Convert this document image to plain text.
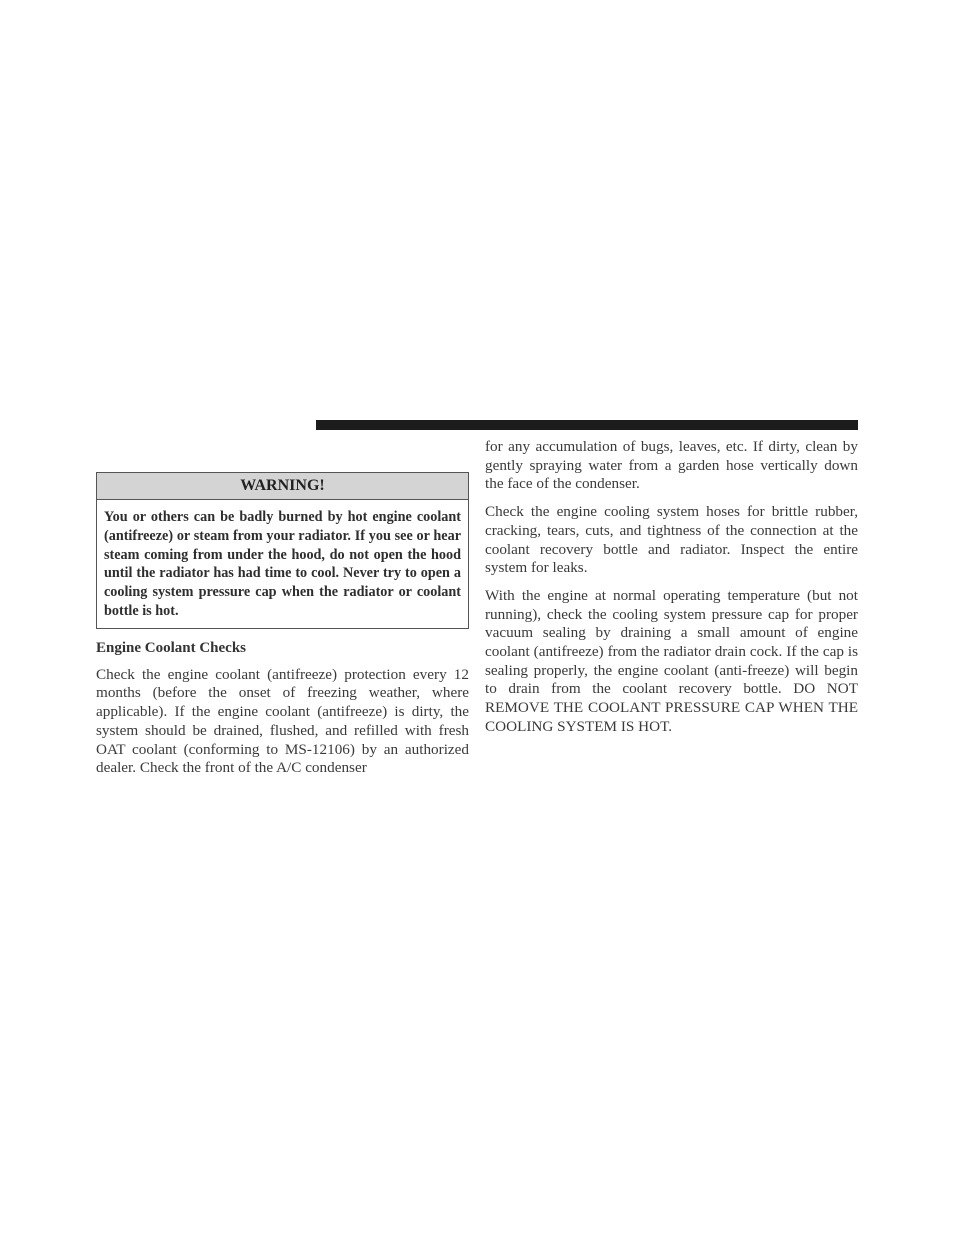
WARNING!
You or others can be badly burned by hot engine coolant (antifreeze) or steam from your radiator. If you see or hear steam coming from under the hood, do not open the hood until the radiator has had time to cool. Never try to open a cooling system pressure cap when the radiator or coolant bottle is hot.
Engine Coolant Checks

Check the engine coolant (antifreeze) protection every 12 months (before the onset of freezing weather, where applicable). If the engine coolant (antifreeze) is dirty, the system should be drained, flushed, and refilled with fresh OAT coolant (conforming to MS-12106) by an authorized dealer. Check the front of the A/C condenser

for any accumulation of bugs, leaves, etc. If dirty, clean by gently spraying water from a garden hose vertically down the face of the condenser.

Check the engine cooling system hoses for brittle rubber, cracking, tears, cuts, and tightness of the connection at the coolant recovery bottle and radiator. Inspect the entire system for leaks.

With the engine at normal operating temperature (but not running), check the cooling system pressure cap for proper vacuum sealing by draining a small amount of engine coolant (antifreeze) from the radiator drain cock. If the cap is sealing properly, the engine coolant (anti-freeze) will begin to drain from the coolant recovery bottle. DO NOT REMOVE THE COOLANT PRESSURE CAP WHEN THE COOLING SYSTEM IS HOT.
